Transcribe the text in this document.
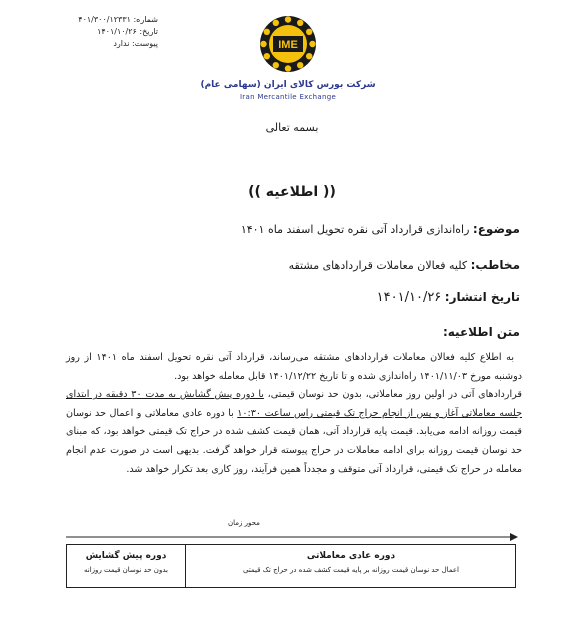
شماره: ۴۰۱/۳۰۰/۱۲۳۳۱
تاریخ: ۱۴۰۱/۱۰/۲۶
پیوست: ندارد	IME
شرکت بورس کالای ایران (سهامی عام)
Iran Mercantile Exchange
بسمه تعالی
(( اطلاعیه ))
موضوع: راه‌اندازی قرارداد آتی نقره تحویل اسفند ماه ۱۴۰۱
مخاطب: کلیه فعالان معاملات قراردادهای مشتقه
تاریخ انتشار: ۱۴۰۱/۱۰/۲۶
متن اطلاعیه:

به اطلاع کلیه فعالان معاملات قراردادهای مشتقه می‌رساند، قرارداد آتی نقره تحویل اسفند ماه ۱۴۰۱ از روز دوشنبه مورخ ۱۴۰۱/۱۱/۰۳ راه‌اندازی شده و تا تاریخ ۱۴۰۱/۱۲/۲۲ قابل معامله خواهد بود.

قراردادهای آتی در اولین روز معاملاتی، بدون حد نوسان قیمتی، با دوره پیش گشایش به مدت ۳۰ دقیقه در ابتدای جلسه معاملاتی آغاز و پس از انجام حراج تک قیمتی راس ساعت ۱۰:۳۰ با دوره عادی معاملاتی و اعمال حد نوسان قیمت روزانه ادامه می‌یابد. قیمت پایه قرارداد آتی، همان قیمت کشف شده در حراج تک قیمتی خواهد بود، که مبنای حد نوسان قیمت روزانه برای ادامه معاملات در حراج پیوسته قرار خواهد گرفت. بدیهی است در صورت عدم انجام معامله در حراج تک قیمتی، قرارداد آتی متوقف و مجدداً همین فرآیند، روز کاری بعد تکرار خواهد شد.

محور زمان
دوره پیش گشایش
بدون حد نوسان قیمت روزانه
دوره عادی معاملاتی
اعمال حد نوسان قیمت روزانه بر پایه قیمت کشف شده در حراج تک قیمتی
